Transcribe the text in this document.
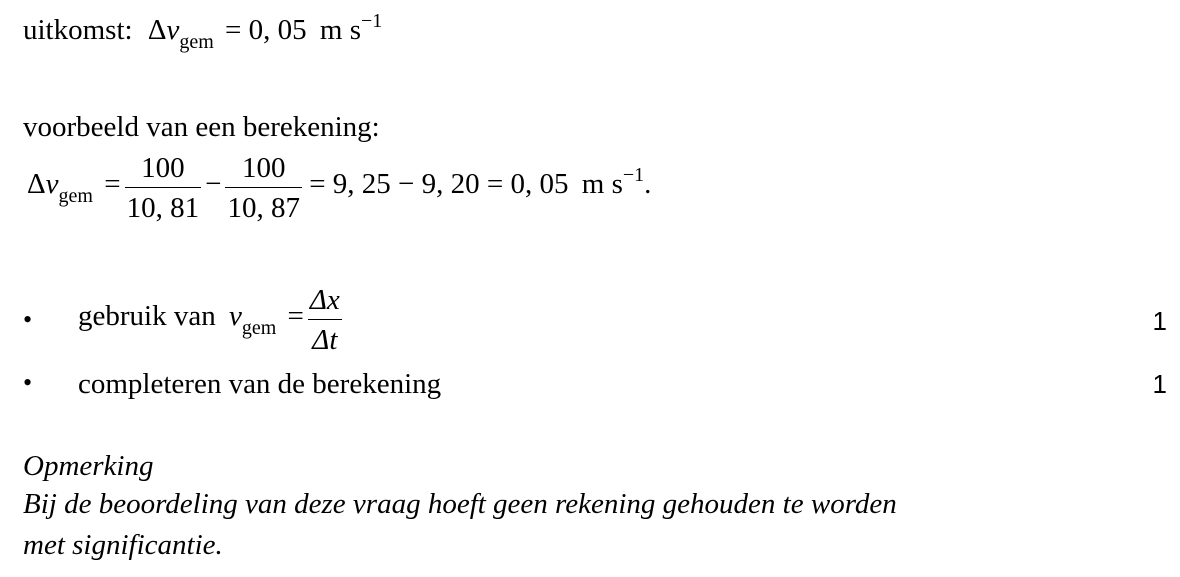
uitkomst: $\Delta v_{gem} = 0$, 05 m $s^{-1}$
voorbeeld van een berekening:
$\Delta v_{gem} = \frac{100}{10, 81} - \frac{100}{10, 87} = 9$, 25 − 9, 20 = 0, 05 m $s^{-1}$.
• gebruik van $v_{gem} = \frac{\Delta x}{\Delta t}$	1
• completeren van de berekening	1
Opmerking
Bij de beoordeling van deze vraag hoeft geen rekening gehouden te worden
met significantie.
